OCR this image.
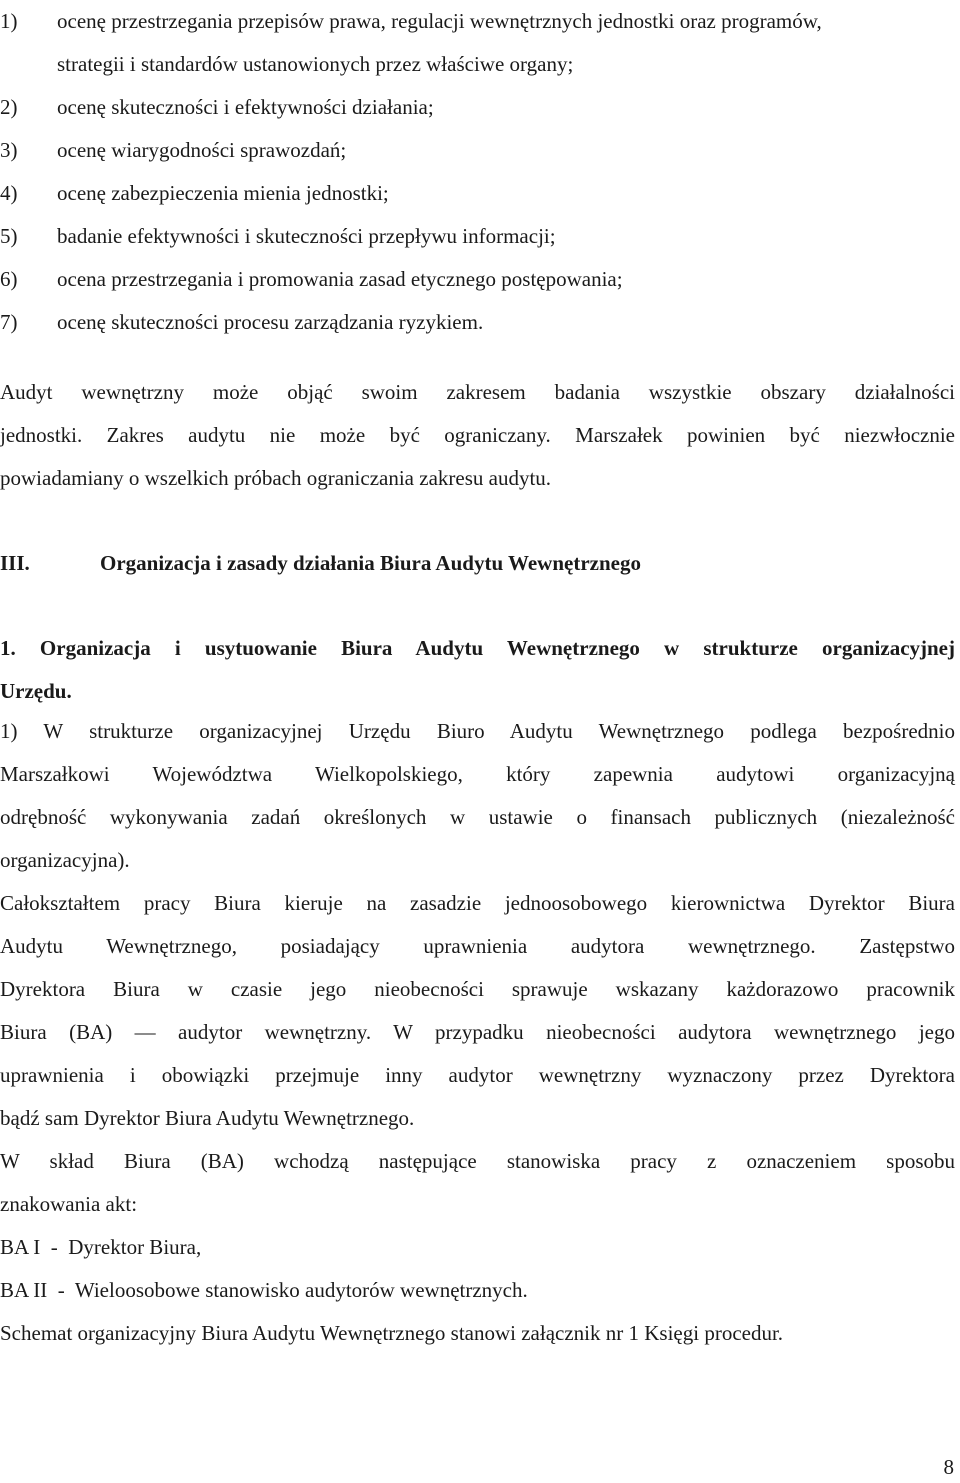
1)	ocenę przestrzegania przepisów prawa, regulacji wewnętrznych jednostki oraz programów,
strategii i standardów ustanowionych przez właściwe organy;
2)	ocenę skuteczności i efektywności działania;
3)	ocenę wiarygodności sprawozdań;
4)	ocenę zabezpieczenia mienia jednostki;
5)	badanie efektywności i skuteczności przepływu informacji;
6)	ocena przestrzegania i promowania zasad etycznego postępowania;
7)	ocenę skuteczności procesu zarządzania ryzykiem.
Audyt wewnętrzny może objąć swoim zakresem badania wszystkie obszary działalności
jednostki. Zakres audytu nie może być ograniczany. Marszałek powinien być niezwłocznie
powiadamiany o wszelkich próbach ograniczania zakresu audytu.
III.	Organizacja i zasady działania Biura Audytu Wewnętrznego
1. Organizacja i usytuowanie Biura Audytu Wewnętrznego w strukturze organizacyjnej
Urzędu.
1) W strukturze organizacyjnej Urzędu Biuro Audytu Wewnętrznego podlega bezpośrednio
Marszałkowi Województwa Wielkopolskiego, który zapewnia audytowi organizacyjną
odrębność wykonywania zadań określonych w ustawie o finansach publicznych (niezależność
organizacyjna).
Całokształtem pracy Biura kieruje na zasadzie jednoosobowego kierownictwa Dyrektor Biura
Audytu Wewnętrznego, posiadający uprawnienia audytora wewnętrznego. Zastępstwo
Dyrektora Biura w czasie jego nieobecności sprawuje wskazany każdorazowo pracownik
Biura (BA) — audytor wewnętrzny. W przypadku nieobecności audytora wewnętrznego jego
uprawnienia i obowiązki przejmuje inny audytor wewnętrzny wyznaczony przez Dyrektora
bądź sam Dyrektor Biura Audytu Wewnętrznego.
W skład Biura (BA) wchodzą następujące stanowiska pracy z oznaczeniem sposobu
znakowania akt:
BA I  -  Dyrektor Biura,
BA II  -  Wieloosobowe stanowisko audytorów wewnętrznych.
Schemat organizacyjny Biura Audytu Wewnętrznego stanowi załącznik nr 1 Księgi procedur.
8
